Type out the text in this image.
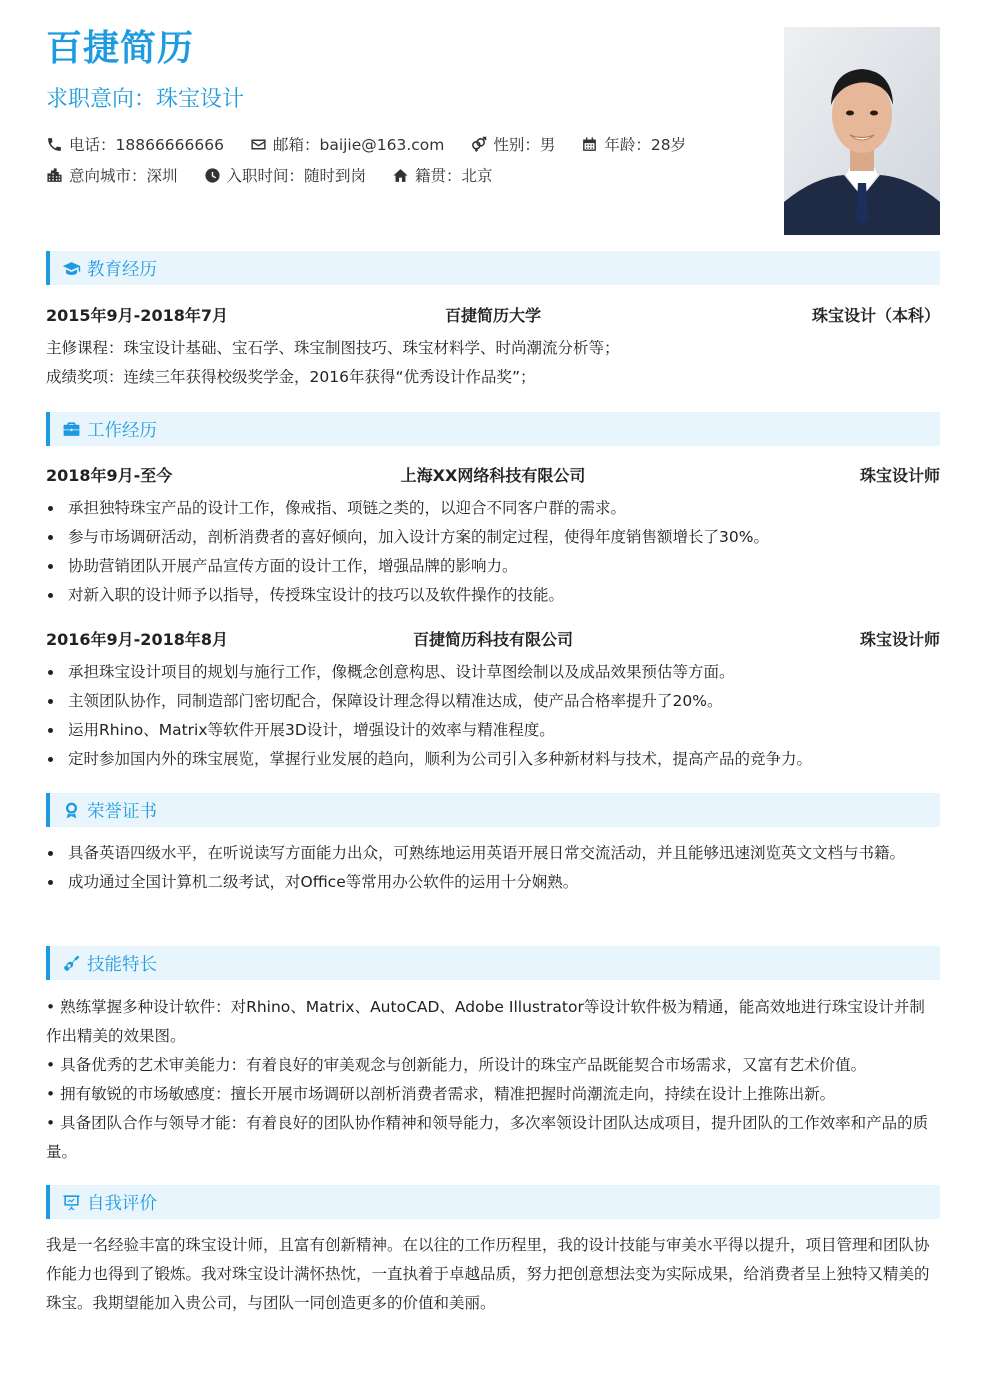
百捷简历
求职意向：珠宝设计
电话：18866666666	邮箱：baijie@163.com	性别：男	年龄：28岁
意向城市：深圳	入职时间：随时到岗	籍贯：北京
教育经历
2015年9月-2018年7月	百捷简历大学	珠宝设计（本科）
主修课程：珠宝设计基础、宝石学、珠宝制图技巧、珠宝材料学、时尚潮流分析等；
成绩奖项：连续三年获得校级奖学金，2016年获得“优秀设计作品奖”；
工作经历
2018年9月-至今	上海XX网络科技有限公司	珠宝设计师
承担独特珠宝产品的设计工作，像戒指、项链之类的，以迎合不同客户群的需求。
参与市场调研活动，剖析消费者的喜好倾向，加入设计方案的制定过程，使得年度销售额增长了30%。
协助营销团队开展产品宣传方面的设计工作，增强品牌的影响力。
对新入职的设计师予以指导，传授珠宝设计的技巧以及软件操作的技能。
2016年9月-2018年8月	百捷简历科技有限公司	珠宝设计师
承担珠宝设计项目的规划与施行工作，像概念创意构思、设计草图绘制以及成品效果预估等方面。
主领团队协作，同制造部门密切配合，保障设计理念得以精准达成，使产品合格率提升了20%。
运用Rhino、Matrix等软件开展3D设计，增强设计的效率与精准程度。
定时参加国内外的珠宝展览，掌握行业发展的趋向，顺利为公司引入多种新材料与技术，提高产品的竞争力。
荣誉证书
具备英语四级水平，在听说读写方面能力出众，可熟练地运用英语开展日常交流活动，并且能够迅速浏览英文文档与书籍。
成功通过全国计算机二级考试，对Office等常用办公软件的运用十分娴熟。
技能特长
• 熟练掌握多种设计软件：对Rhino、Matrix、AutoCAD、Adobe Illustrator等设计软件极为精通，能高效地进行珠宝设计并制作出精美的效果图。
• 具备优秀的艺术审美能力：有着良好的审美观念与创新能力，所设计的珠宝产品既能契合市场需求，又富有艺术价值。
• 拥有敏锐的市场敏感度：擅长开展市场调研以剖析消费者需求，精准把握时尚潮流走向，持续在设计上推陈出新。
• 具备团队合作与领导才能：有着良好的团队协作精神和领导能力，多次率领设计团队达成项目，提升团队的工作效率和产品的质量。
自我评价
我是一名经验丰富的珠宝设计师，且富有创新精神。在以往的工作历程里，我的设计技能与审美水平得以提升，项目管理和团队协作能力也得到了锻炼。我对珠宝设计满怀热忱，一直执着于卓越品质，努力把创意想法变为实际成果，给消费者呈上独特又精美的珠宝。我期望能加入贵公司，与团队一同创造更多的价值和美丽。
